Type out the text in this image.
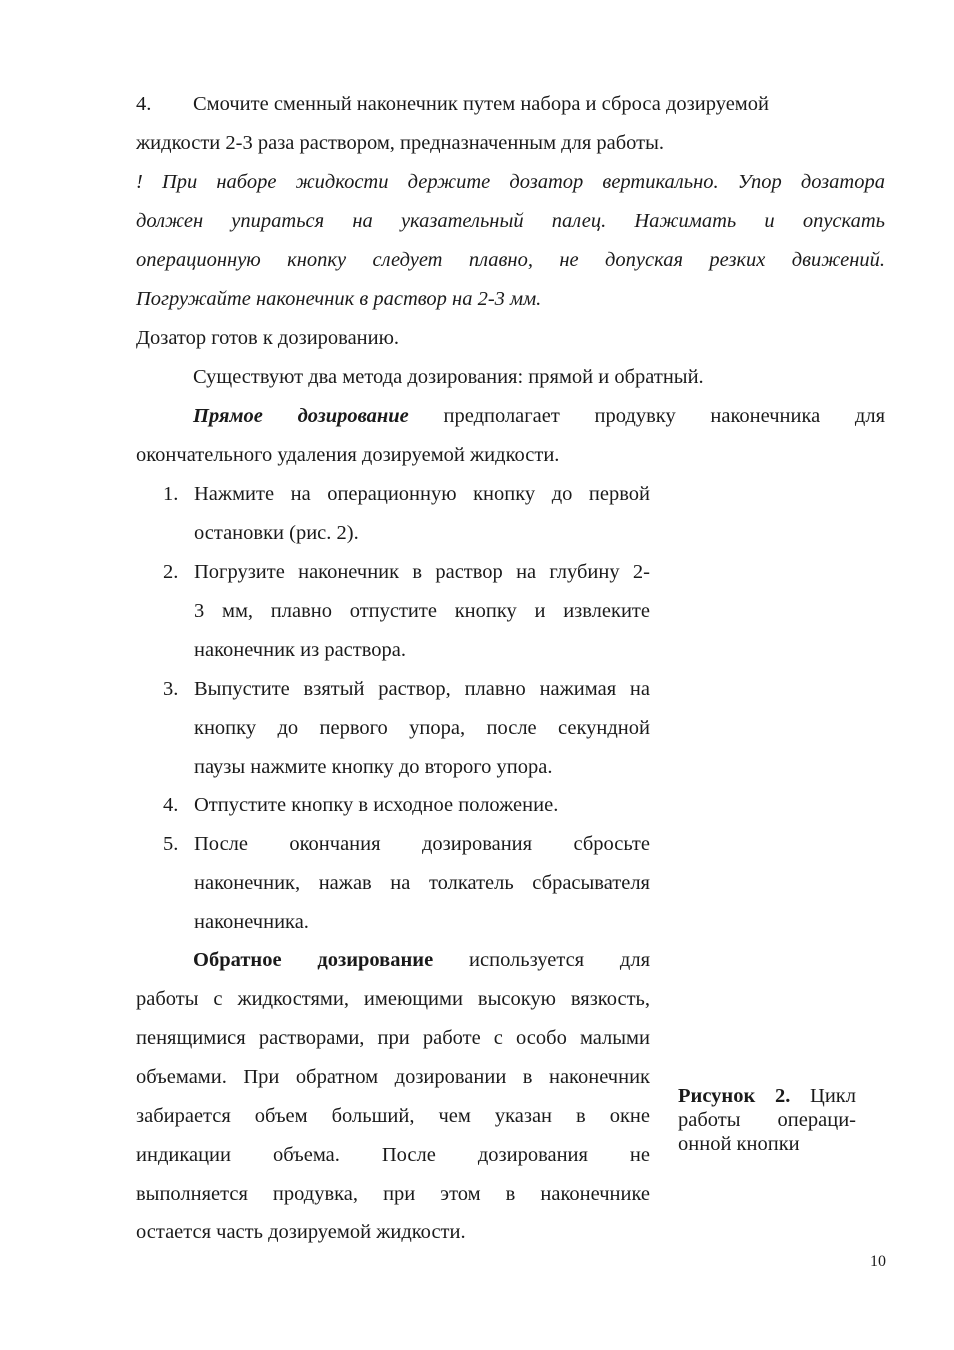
4. Смочите сменный наконечник путем набора и сброса дозируемой
жидкости 2-3 раза раствором, предназначенным для работы.
! При наборе жидкости держите дозатор вертикально. Упор дозатора
должен упираться на указательный палец. Нажимать и опускать
операционную кнопку следует плавно, не допуская резких движений.
Погружайте наконечник в раствор на 2-3 мм.
Дозатор готов к дозированию.
Существуют два метода дозирования: прямой и обратный.
Прямое дозирование предполагает продувку наконечника для
окончательного удаления дозируемой жидкости.
1. Нажмите на операционную кнопку до первой
остановки (рис. 2).
2. Погрузите наконечник в раствор на глубину 2-
3 мм, плавно отпустите кнопку и извлеките
наконечник из раствора.
3. Выпустите взятый раствор, плавно нажимая на
кнопку до первого упора, после секундной
паузы нажмите кнопку до второго упора.
4. Отпустите кнопку в исходное положение.
5. После окончания дозирования сбросьте
наконечник, нажав на толкатель сбрасывателя
наконечника.
Обратное дозирование используется для
работы с жидкостями, имеющими высокую вязкость,
пенящимися растворами, при работе с особо малыми
объемами. При обратном дозировании в наконечник
забирается объем больший, чем указан в окне
индикации объема. После дозирования не
выполняется продувка, при этом в наконечнике
остается часть дозируемой жидкости.
Рисунок 2. Цикл работы операци-онной кнопки
10
